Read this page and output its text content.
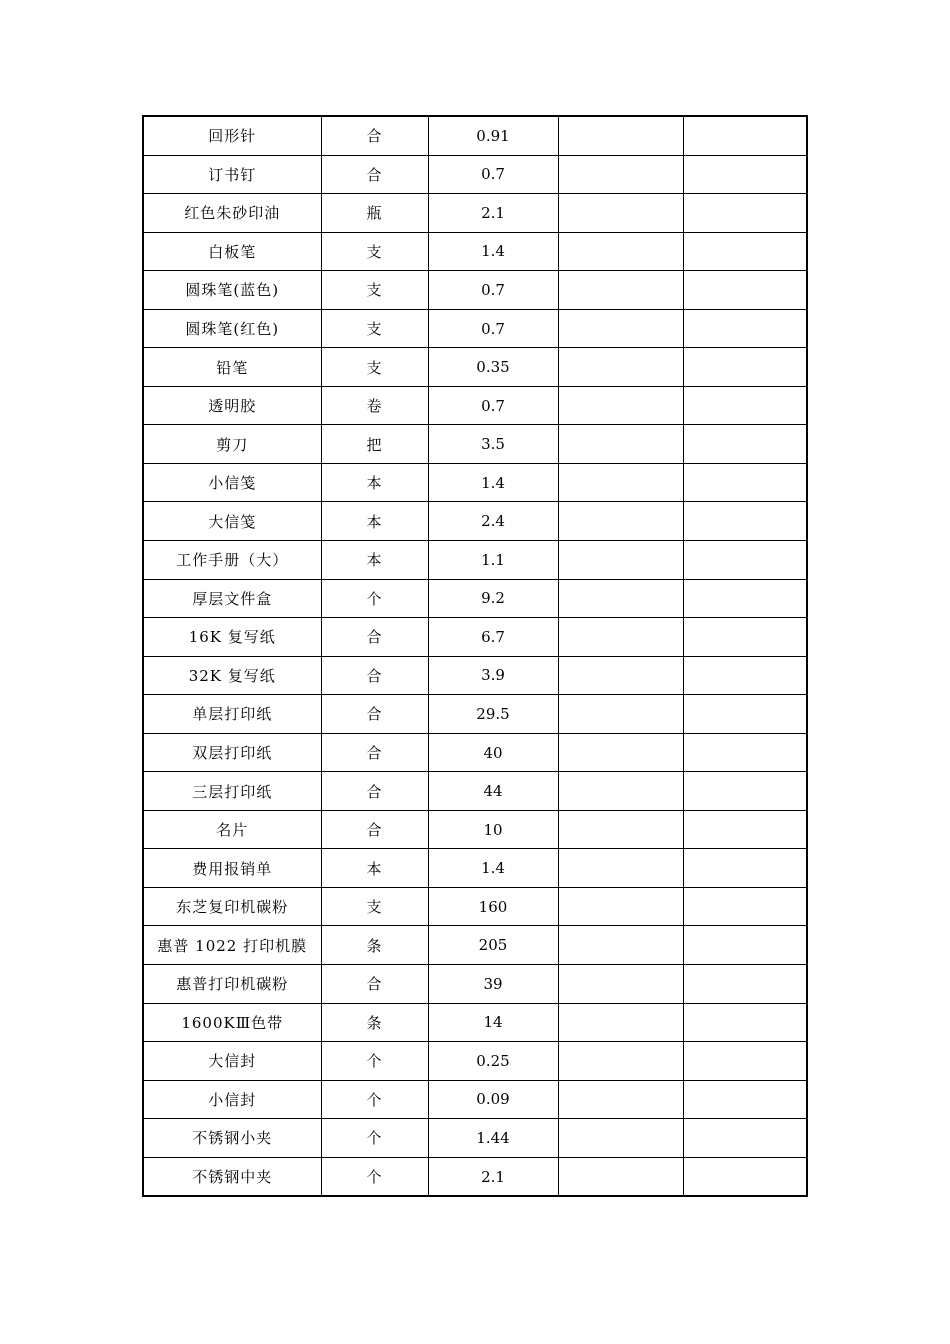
回形针	合	0.91		
订书钉	合	0.7		
红色朱砂印油	瓶	2.1		
白板笔	支	1.4		
圆珠笔(蓝色)	支	0.7		
圆珠笔(红色)	支	0.7		
铅笔	支	0.35		
透明胶	卷	0.7		
剪刀	把	3.5		
小信笺	本	1.4		
大信笺	本	2.4		
工作手册（大）	本	1.1		
厚层文件盒	个	9.2		
16K 复写纸	合	6.7		
32K 复写纸	合	3.9		
单层打印纸	合	29.5		
双层打印纸	合	40		
三层打印纸	合	44		
名片	合	10		
费用报销单	本	1.4		
东芝复印机碳粉	支	160		
惠普 1022 打印机膜	条	205		
惠普打印机碳粉	合	39		
1600KⅢ色带	条	14		
大信封	个	0.25		
小信封	个	0.09		
不锈钢小夹	个	1.44		
不锈钢中夹	个	2.1		
